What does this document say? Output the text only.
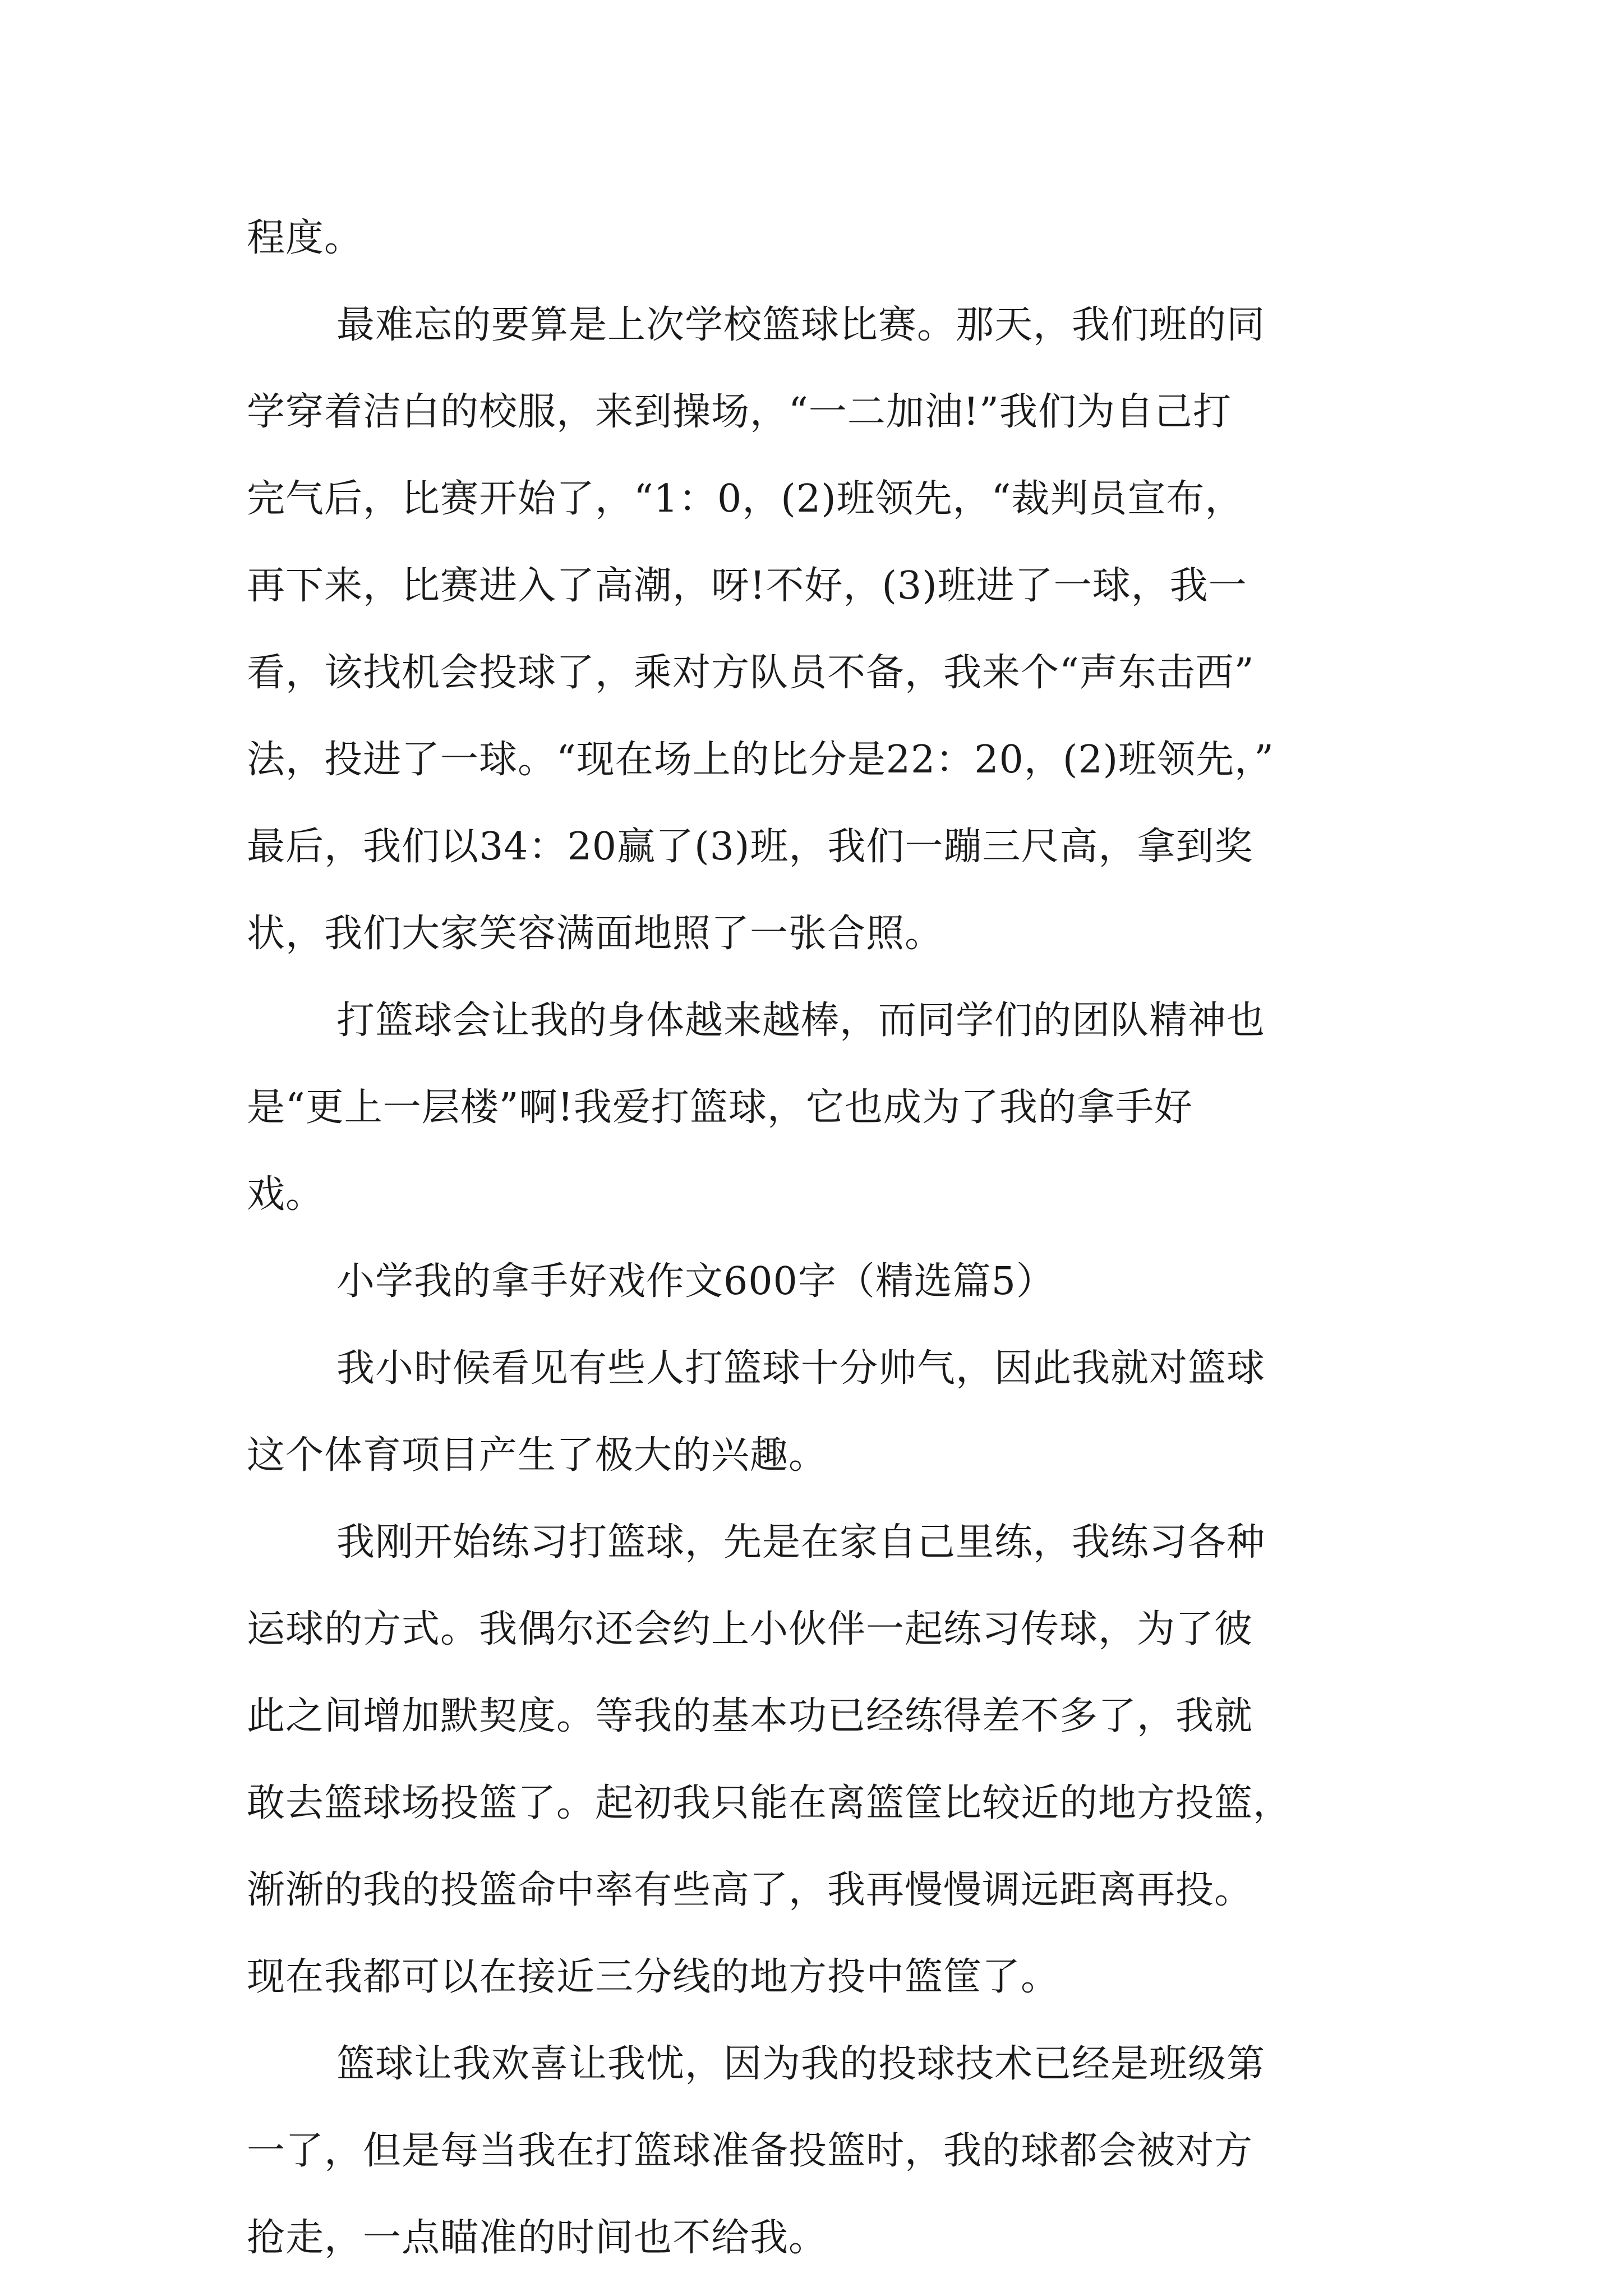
程度。
最难忘的要算是上次学校篮球比赛。那天，我们班的同
学穿着洁白的校服，来到操场，“一二加油!”我们为自己打
完气后，比赛开始了，“1：0，(2)班领先，“裁判员宣布，
再下来，比赛进入了高潮，呀!不好，(3)班进了一球，我一
看，该找机会投球了，乘对方队员不备，我来个“声东击西”
法，投进了一球。“现在场上的比分是22：20，(2)班领先，”
最后，我们以34：20赢了(3)班，我们一蹦三尺高，拿到奖
状，我们大家笑容满面地照了一张合照。
打篮球会让我的身体越来越棒，而同学们的团队精神也
是“更上一层楼”啊!我爱打篮球，它也成为了我的拿手好
戏。
小学我的拿手好戏作文600字（精选篇5）
我小时候看见有些人打篮球十分帅气，因此我就对篮球
这个体育项目产生了极大的兴趣。
我刚开始练习打篮球，先是在家自己里练，我练习各种
运球的方式。我偶尔还会约上小伙伴一起练习传球，为了彼
此之间增加默契度。等我的基本功已经练得差不多了，我就
敢去篮球场投篮了。起初我只能在离篮筐比较近的地方投篮，
渐渐的我的投篮命中率有些高了，我再慢慢调远距离再投。
现在我都可以在接近三分线的地方投中篮筐了。
篮球让我欢喜让我忧，因为我的投球技术已经是班级第
一了，但是每当我在打篮球准备投篮时，我的球都会被对方
抢走，一点瞄准的时间也不给我。
